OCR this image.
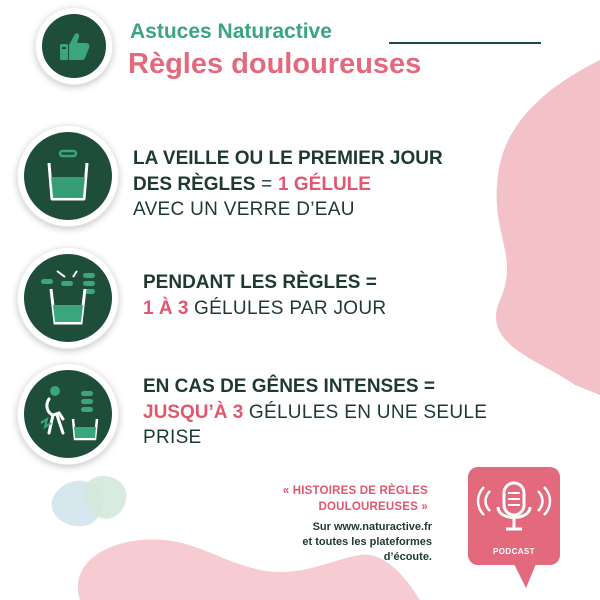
Astuces Naturactive
Règles douloureuses
LA VEILLE OU LE PREMIER JOUR
DES RÈGLES = 1 GÉLULE
AVEC UN VERRE D’EAU
PENDANT LES RÈGLES =
1 À 3 GÉLULES PAR JOUR
EN CAS DE GÊNES INTENSES =
JUSQU’À 3 GÉLULES EN UNE SEULE
PRISE
« HISTOIRES DE RÈGLES
DOULOUREUSES »
Sur www.naturactive.fr
et toutes les plateformes
d’écoute.	PODCAST
